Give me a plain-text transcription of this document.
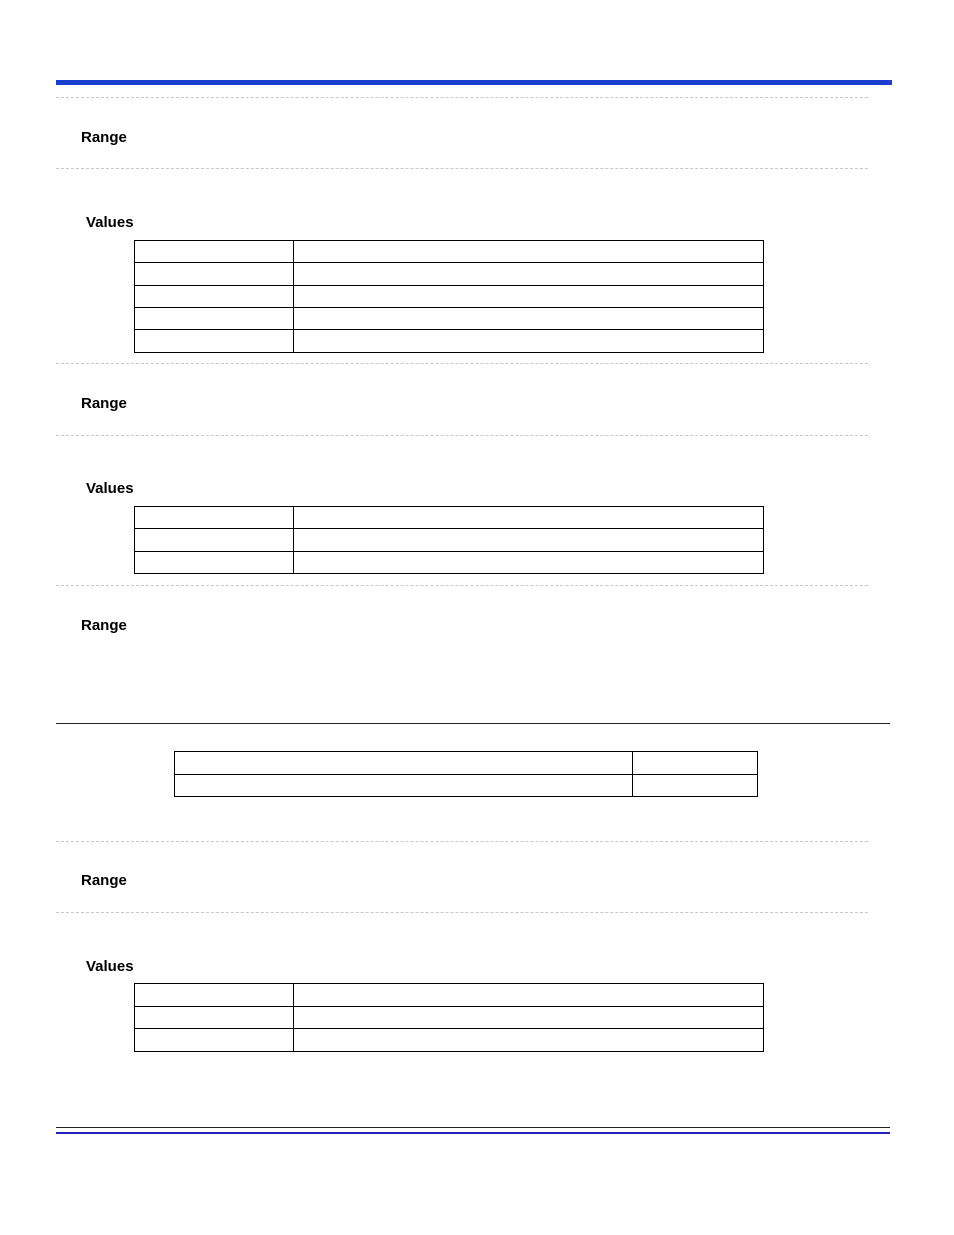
Range
Values

Range
Values

Range

Range
Values
